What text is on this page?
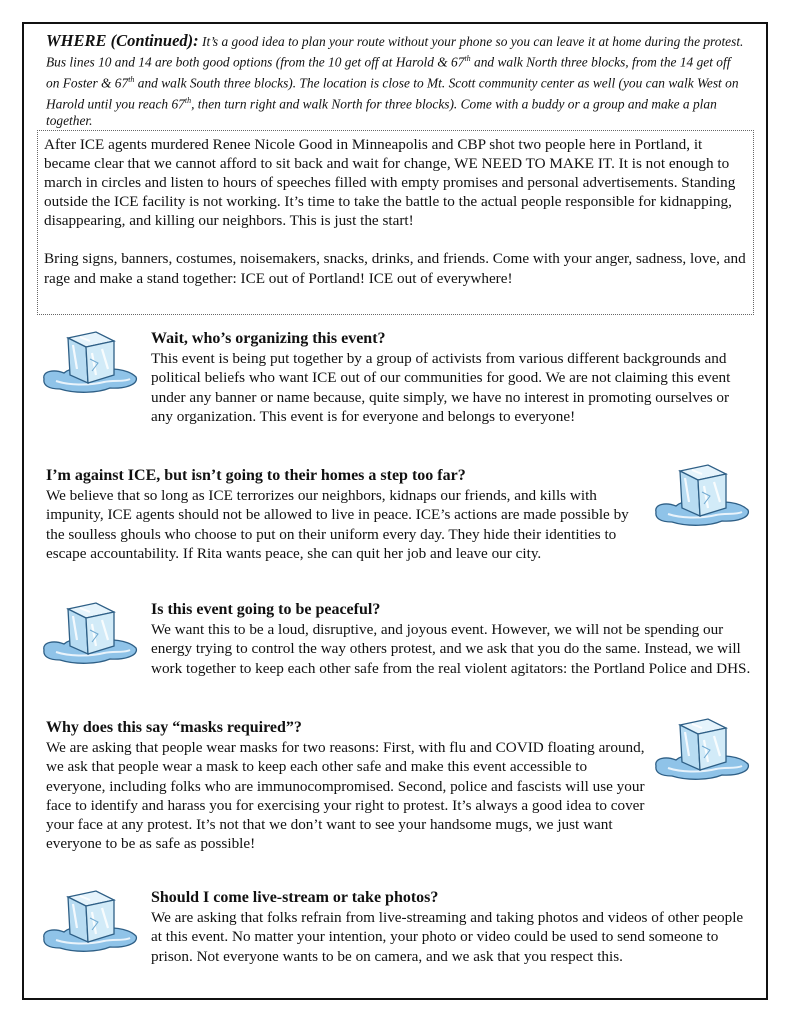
WHERE (Continued): It’s a good idea to plan your route without your phone so you can leave it at home during the protest. Bus lines 10 and 14 are both good options (from the 10 get off at Harold & 67th and walk North three blocks, from the 14 get off on Foster & 67th and walk South three blocks). The location is close to Mt. Scott community center as well (you can walk West on Harold until you reach 67th, then turn right and walk North for three blocks). Come with a buddy or a group and make a plan together.

After ICE agents murdered Renee Nicole Good in Minneapolis and CBP shot two people here in Portland, it became clear that we cannot afford to sit back and wait for change, WE NEED TO MAKE IT. It is not enough to march in circles and listen to hours of speeches filled with empty promises and personal advertisements. Standing outside the ICE facility is not working. It’s time to take the battle to the actual people responsible for kidnapping, disappearing, and killing our neighbors. This is just the start!

Bring signs, banners, costumes, noisemakers, snacks, drinks, and friends. Come with your anger, sadness, love, and rage and make a stand together: ICE out of Portland! ICE out of everywhere!

Wait, who’s organizing this event?

This event is being put together by a group of activists from various different backgrounds and political beliefs who want ICE out of our communities for good. We are not claiming this event under any banner or name because, quite simply, we have no interest in promoting ourselves or any organization. This event is for everyone and belongs to everyone!

I’m against ICE, but isn’t going to their homes a step too far?

We believe that so long as ICE terrorizes our neighbors, kidnaps our friends, and kills with impunity, ICE agents should not be allowed to live in peace. ICE’s actions are made possible by the soulless ghouls who choose to put on their uniform every day. They hide their identities to escape accountability. If Rita wants peace, she can quit her job and leave our city.

Is this event going to be peaceful?

We want this to be a loud, disruptive, and joyous event. However, we will not be spending our energy trying to control the way others protest, and we ask that you do the same. Instead, we will work together to keep each other safe from the real violent agitators: the Portland Police and DHS.

Why does this say “masks required”?

We are asking that people wear masks for two reasons: First, with flu and COVID floating around, we ask that people wear a mask to keep each other safe and make this event accessible to everyone, including folks who are immunocompromised. Second, police and fascists will use your face to identify and harass you for exercising your right to protest. It’s always a good idea to cover your face at any protest. It’s not that we don’t want to see your handsome mugs, we just want everyone to be as safe as possible!

Should I come live-stream or take photos?

We are asking that folks refrain from live-streaming and taking photos and videos of other people at this event. No matter your intention, your photo or video could be used to send someone to prison. Not everyone wants to be on camera, and we ask that you respect this.
